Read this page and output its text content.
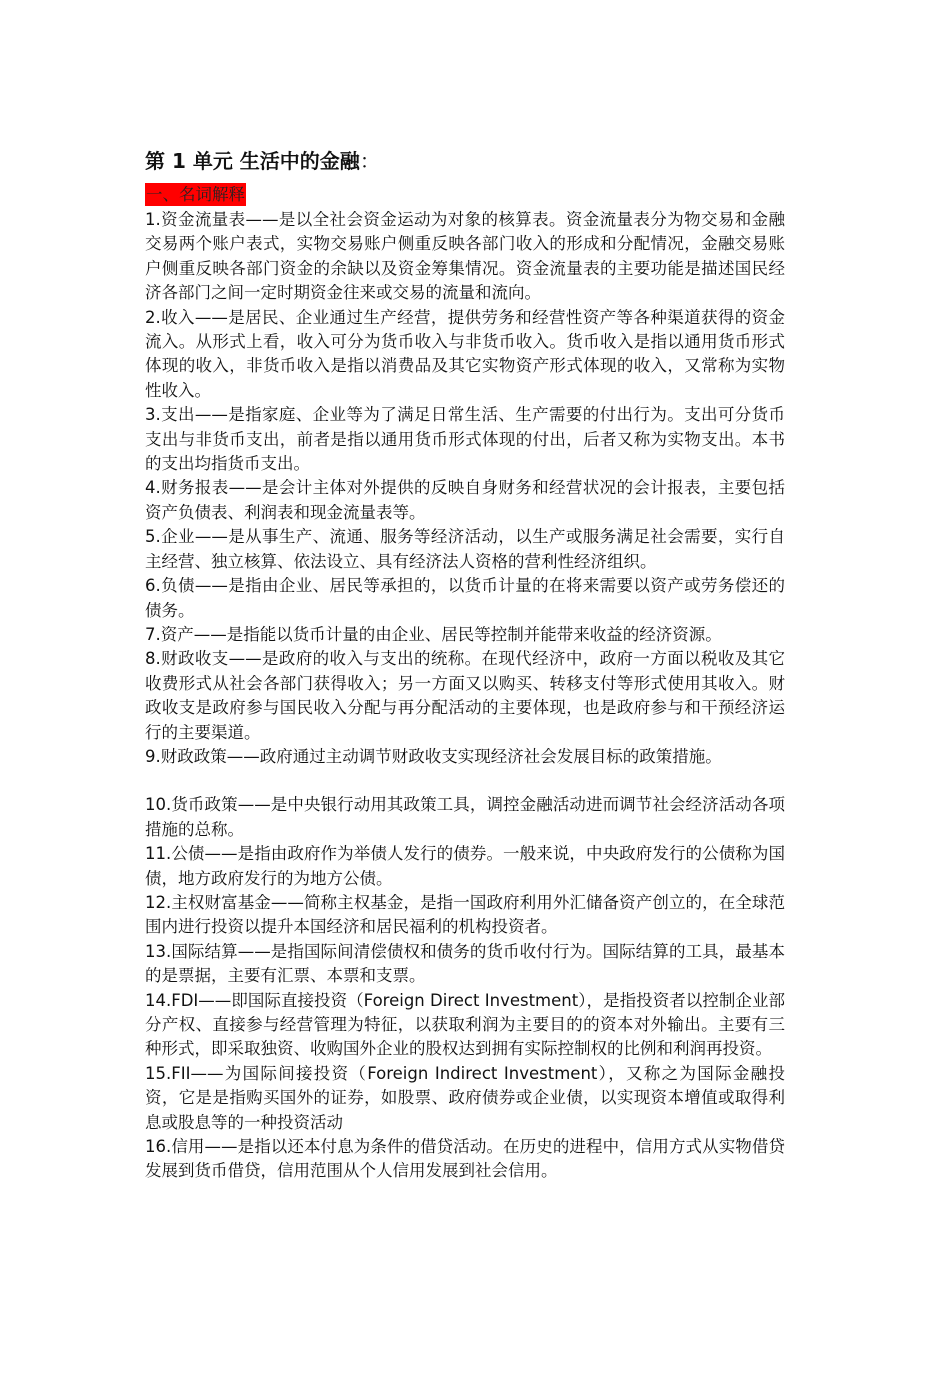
第 1 单元 生活中的金融：
一、名词解释

1.资金流量表——是以全社会资金运动为对象的核算表。资金流量表分为物交易和金融交易两个账户表式，实物交易账户侧重反映各部门收入的形成和分配情况，金融交易账户侧重反映各部门资金的余缺以及资金筹集情况。资金流量表的主要功能是描述国民经济各部门之间一定时期资金往来或交易的流量和流向。

2.收入——是居民、企业通过生产经营，提供劳务和经营性资产等各种渠道获得的资金流入。从形式上看，收入可分为货币收入与非货币收入。货币收入是指以通用货币形式体现的收入，非货币收入是指以消费品及其它实物资产形式体现的收入，又常称为实物性收入。

3.支出——是指家庭、企业等为了满足日常生活、生产需要的付出行为。支出可分货币支出与非货币支出，前者是指以通用货币形式体现的付出，后者又称为实物支出。本书的支出均指货币支出。

4.财务报表——是会计主体对外提供的反映自身财务和经营状况的会计报表，主要包括资产负债表、利润表和现金流量表等。

5.企业——是从事生产、流通、服务等经济活动，以生产或服务满足社会需要，实行自主经营、独立核算、依法设立、具有经济法人资格的营利性经济组织。

6.负债——是指由企业、居民等承担的，以货币计量的在将来需要以资产或劳务偿还的债务。

7.资产——是指能以货币计量的由企业、居民等控制并能带来收益的经济资源。

8.财政收支——是政府的收入与支出的统称。在现代经济中，政府一方面以税收及其它收费形式从社会各部门获得收入；另一方面又以购买、转移支付等形式使用其收入。财政收支是政府参与国民收入分配与再分配活动的主要体现，也是政府参与和干预经济运行的主要渠道。

9.财政政策——政府通过主动调节财政收支实现经济社会发展目标的政策措施。

10.货币政策——是中央银行动用其政策工具，调控金融活动进而调节社会经济活动各项措施的总称。

11.公债——是指由政府作为举债人发行的债券。一般来说，中央政府发行的公债称为国债，地方政府发行的为地方公债。

12.主权财富基金——简称主权基金，是指一国政府利用外汇储备资产创立的，在全球范围内进行投资以提升本国经济和居民福利的机构投资者。

13.国际结算——是指国际间清偿债权和债务的货币收付行为。国际结算的工具，最基本的是票据，主要有汇票、本票和支票。

14.FDI——即国际直接投资（Foreign Direct Investment），是指投资者以控制企业部分产权、直接参与经营管理为特征，以获取利润为主要目的的资本对外输出。主要有三种形式，即采取独资、收购国外企业的股权达到拥有实际控制权的比例和利润再投资。

15.FII——为国际间接投资（Foreign Indirect Investment），又称之为国际金融投资，它是是指购买国外的证券，如股票、政府债券或企业债，以实现资本增值或取得利息或股息等的一种投资活动

16.信用——是指以还本付息为条件的借贷活动。在历史的进程中，信用方式从实物借贷发展到货币借贷，信用范围从个人信用发展到社会信用。
